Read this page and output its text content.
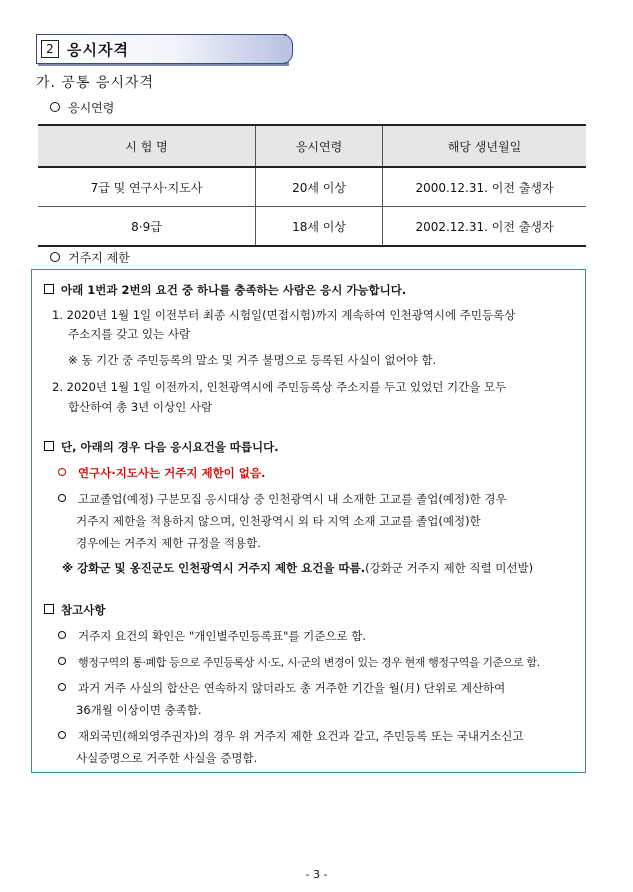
2 응시자격
가. 공통 응시자격
응시연령
시 험 명	응시연령	해당 생년월일
7급 및 연구사·지도사	20세 이상	2000.12.31. 이전 출생자
8·9급	18세 이상	2002.12.31. 이전 출생자
거주지 제한
아래 1번과 2번의 요건 중 하나를 충족하는 사람은 응시 가능합니다.
1. 2020년 1월 1일 이전부터 최종 시험일(면접시험)까지 계속하여 인천광역시에 주민등록상
주소지를 갖고 있는 사람
※ 동 기간 중 주민등록의 말소 및 거주 불명으로 등록된 사실이 없어야 함.
2. 2020년 1월 1일 이전까지, 인천광역시에 주민등록상 주소지를 두고 있었던 기간을 모두
합산하여 총 3년 이상인 사람
단, 아래의 경우 다음 응시요건을 따릅니다.
연구사·지도사는 거주지 제한이 없음.
고교졸업(예정) 구분모집 응시대상 중 인천광역시 내 소재한 고교를 졸업(예정)한 경우
거주지 제한을 적용하지 않으며, 인천광역시 외 타 지역 소재 고교를 졸업(예정)한
경우에는 거주지 제한 규정을 적용함.
※ 강화군 및 옹진군도 인천광역시 거주지 제한 요건을 따름.(강화군 거주지 제한 직렬 미선발)
참고사항
거주지 요건의 확인은 "개인별주민등록표"를 기준으로 함.
행정구역의 통·폐합 등으로 주민등록상 시·도, 시·군의 변경이 있는 경우 현재 행정구역을 기준으로 함.
과거 거주 사실의 합산은 연속하지 않더라도 총 거주한 기간을 월(月) 단위로 계산하여
36개월 이상이면 충족함.
재외국민(해외영주권자)의 경우 위 거주지 제한 요건과 같고, 주민등록 또는 국내거소신고
사실증명으로 거주한 사실을 증명함.
- 3 -
